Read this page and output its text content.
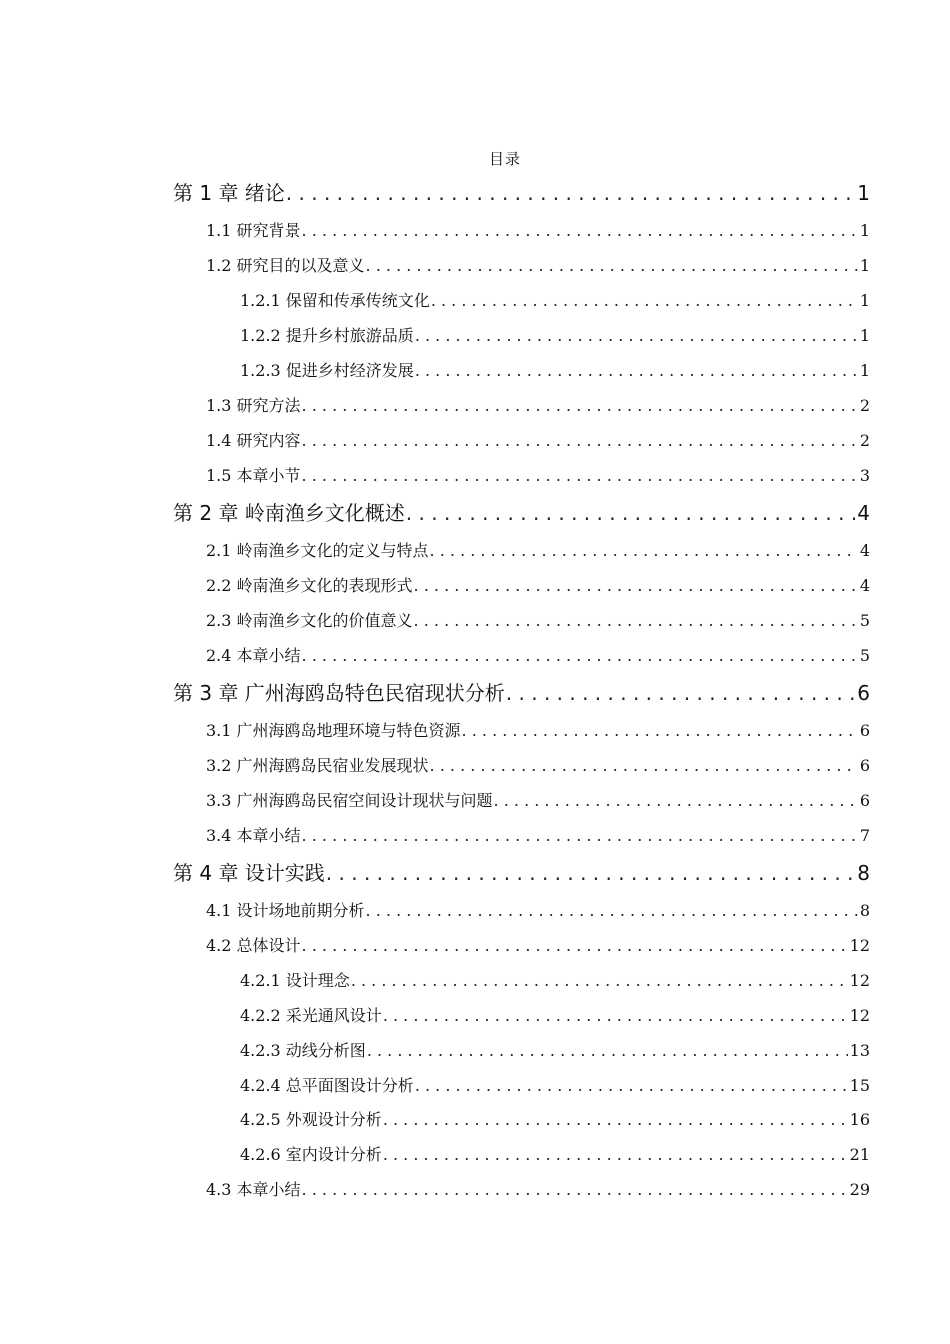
目录
第 1 章 绪论 . . .	1
1.1 研究背景 . . .	1
1.2 研究目的以及意义 . . .	1
1.2.1 保留和传承传统文化 . . .	1
1.2.2 提升乡村旅游品质 . . .	1
1.2.3 促进乡村经济发展 . . .	1
1.3 研究方法 . . .	2
1.4 研究内容 . . .	2
1.5 本章小节 . . .	3
第 2 章 岭南渔乡文化概述 . . .	4
2.1 岭南渔乡文化的定义与特点 . . .	4
2.2 岭南渔乡文化的表现形式 . . .	4
2.3 岭南渔乡文化的价值意义 . . .	5
2.4 本章小结 . . .	5
第 3 章 广州海鸥岛特色民宿现状分析 . . .	6
3.1 广州海鸥岛地理环境与特色资源 . . .	6
3.2 广州海鸥岛民宿业发展现状 . . .	6
3.3 广州海鸥岛民宿空间设计现状与问题 . . .	6
3.4 本章小结 . . .	7
第 4 章 设计实践 . . .	8
4.1 设计场地前期分析 . . .	8
4.2 总体设计 . . .	12
4.2.1 设计理念 . . .	12
4.2.2 采光通风设计 . . .	12
4.2.3 动线分析图 . . .	13
4.2.4 总平面图设计分析 . . .	15
4.2.5 外观设计分析 . . .	16
4.2.6 室内设计分析 . . .	21
4.3 本章小结 . . .	29
